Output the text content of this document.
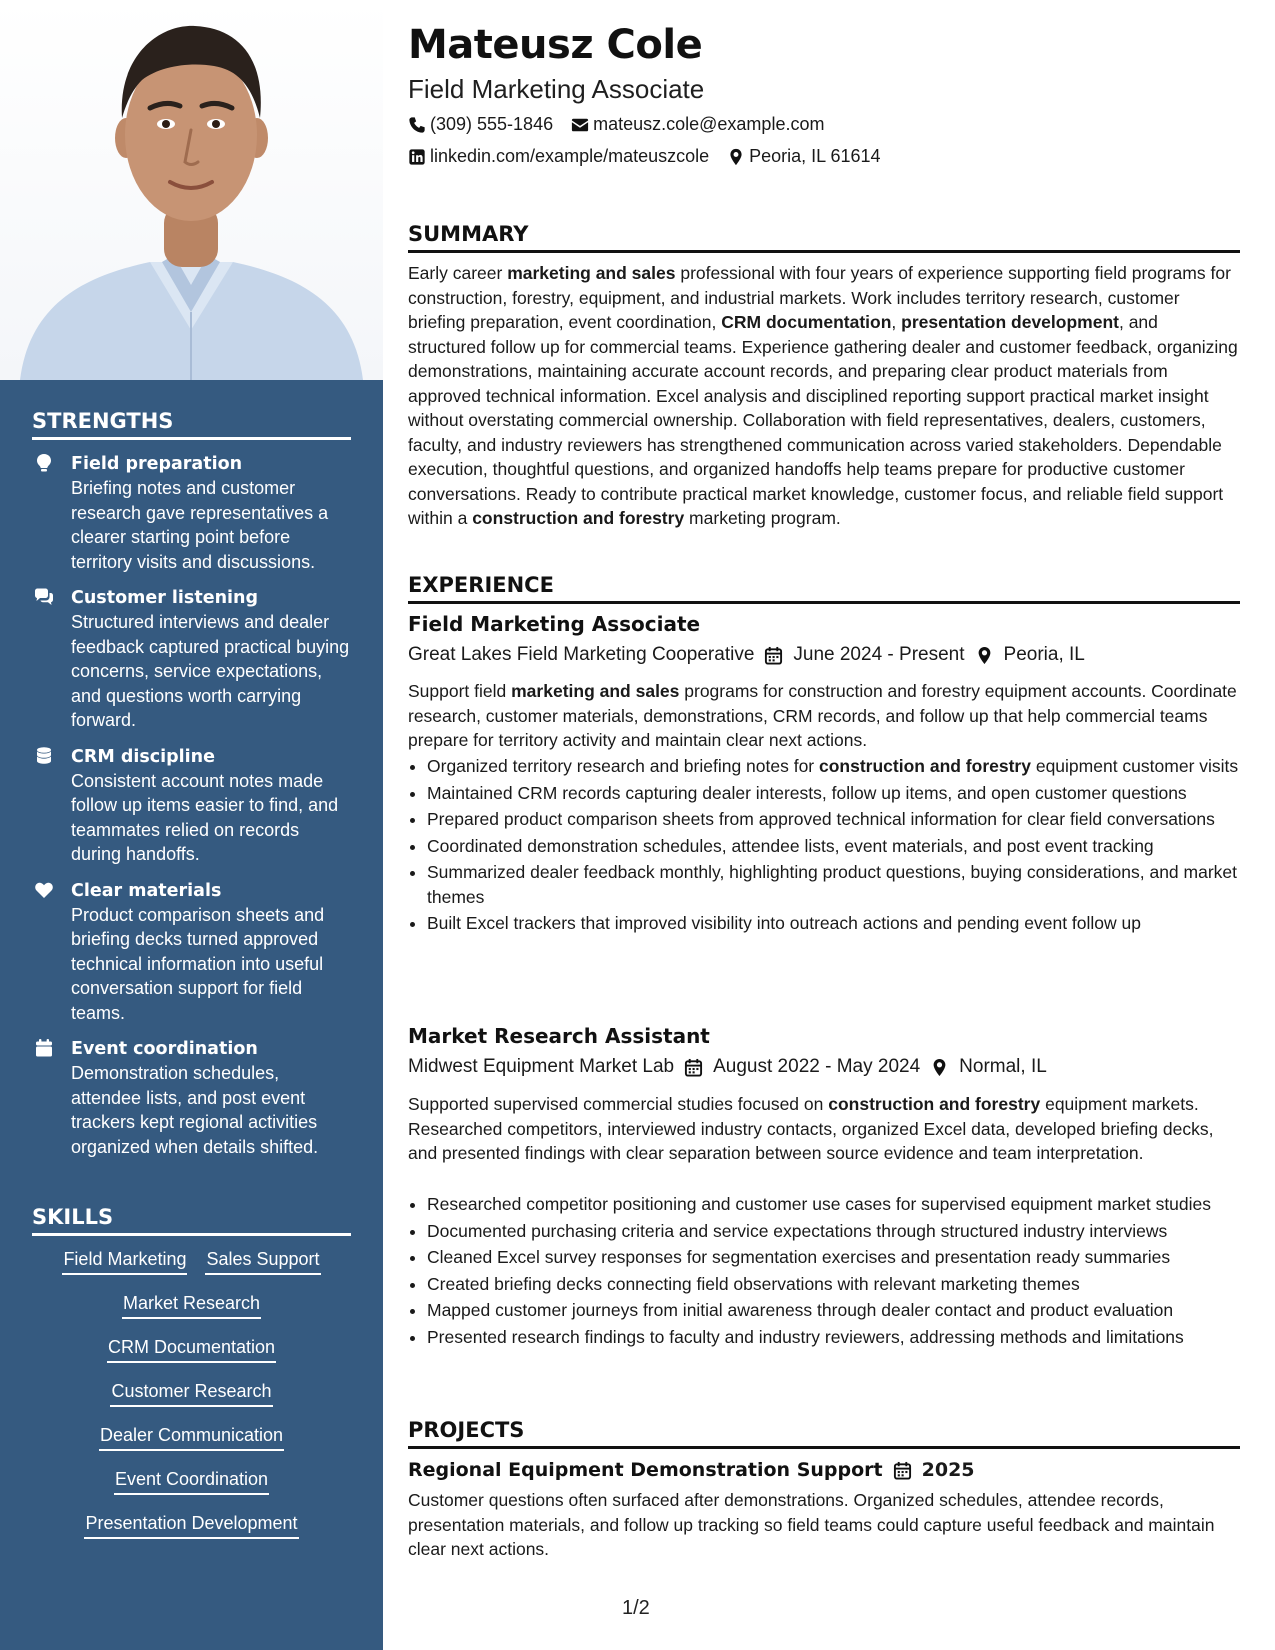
STRENGTHS
Field preparation
Briefing notes and customer research gave representatives a clearer starting point before territory visits and discussions.
Customer listening
Structured interviews and dealer feedback captured practical buying concerns, service expectations, and questions worth carrying forward.
CRM discipline
Consistent account notes made follow up items easier to find, and teammates relied on records during handoffs.
Clear materials
Product comparison sheets and briefing decks turned approved technical information into useful conversation support for field teams.
Event coordination
Demonstration schedules, attendee lists, and post event trackers kept regional activities organized when details shifted.
SKILLS
Field Marketing Sales Support
Market Research
CRM Documentation
Customer Research
Dealer Communication
Event Coordination
Presentation Development
Mateusz Cole
Field Marketing Associate
(309) 555-1846 mateusz.cole@example.com
linkedin.com/example/mateuszcole Peoria, IL 61614
SUMMARY

Early career marketing and sales professional with four years of experience supporting field programs for construction, forestry, equipment, and industrial markets. Work includes territory research, customer briefing preparation, event coordination, CRM documentation, presentation development, and structured follow up for commercial teams. Experience gathering dealer and customer feedback, organizing demonstrations, maintaining accurate account records, and preparing clear product materials from approved technical information. Excel analysis and disciplined reporting support practical market insight without overstating commercial ownership. Collaboration with field representatives, dealers, customers, faculty, and industry reviewers has strengthened communication across varied stakeholders. Dependable execution, thoughtful questions, and organized handoffs help teams prepare for productive customer conversations. Ready to contribute practical market knowledge, customer focus, and reliable field support within a construction and forestry marketing program.

EXPERIENCE
Field Marketing Associate
Great Lakes Field Marketing Cooperative June 2024 - Present Peoria, IL

Support field marketing and sales programs for construction and forestry equipment accounts. Coordinate research, customer materials, demonstrations, CRM records, and follow up that help commercial teams prepare for territory activity and maintain clear next actions.

• Organized territory research and briefing notes for construction and forestry equipment customer visits
• Maintained CRM records capturing dealer interests, follow up items, and open customer questions
• Prepared product comparison sheets from approved technical information for clear field conversations
• Coordinated demonstration schedules, attendee lists, event materials, and post event tracking
• Summarized dealer feedback monthly, highlighting product questions, buying considerations, and market themes
• Built Excel trackers that improved visibility into outreach actions and pending event follow up
Market Research Assistant
Midwest Equipment Market Lab August 2022 - May 2024 Normal, IL

Supported supervised commercial studies focused on construction and forestry equipment markets. Researched competitors, interviewed industry contacts, organized Excel data, developed briefing decks, and presented findings with clear separation between source evidence and team interpretation.

• Researched competitor positioning and customer use cases for supervised equipment market studies
• Documented purchasing criteria and service expectations through structured industry interviews
• Cleaned Excel survey responses for segmentation exercises and presentation ready summaries
• Created briefing decks connecting field observations with relevant marketing themes
• Mapped customer journeys from initial awareness through dealer contact and product evaluation
• Presented research findings to faculty and industry reviewers, addressing methods and limitations
PROJECTS
Regional Equipment Demonstration Support 2025

Customer questions often surfaced after demonstrations. Organized schedules, attendee records, presentation materials, and follow up tracking so field teams could capture useful feedback and maintain clear next actions.

1/2
